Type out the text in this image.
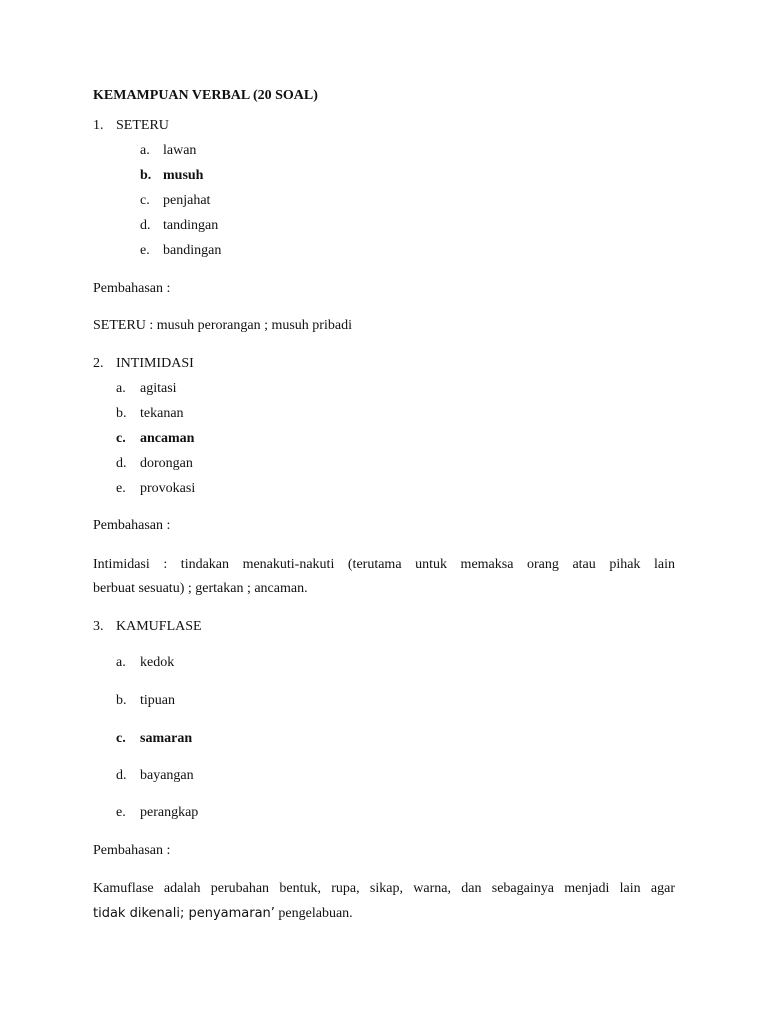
KEMAMPUAN VERBAL (20 SOAL)
1. SETERU
a. lawan
b. musuh
c. penjahat
d. tandingan
e. bandingan
Pembahasan :
SETERU : musuh perorangan ; musuh pribadi
2. INTIMIDASI
a. agitasi
b. tekanan
c. ancaman
d. dorongan
e. provokasi
Pembahasan :
Intimidasi : tindakan menakuti-nakuti (terutama untuk memaksa orang atau pihak lain
berbuat sesuatu) ; gertakan ; ancaman.
3. KAMUFLASE
a. kedok
b. tipuan
c. samaran
d. bayangan
e. perangkap
Pembahasan :
Kamuflase adalah perubahan bentuk, rupa, sikap, warna, dan sebagainya menjadi lain agar
tidak dikenali; penyamaran’ pengelabuan.
